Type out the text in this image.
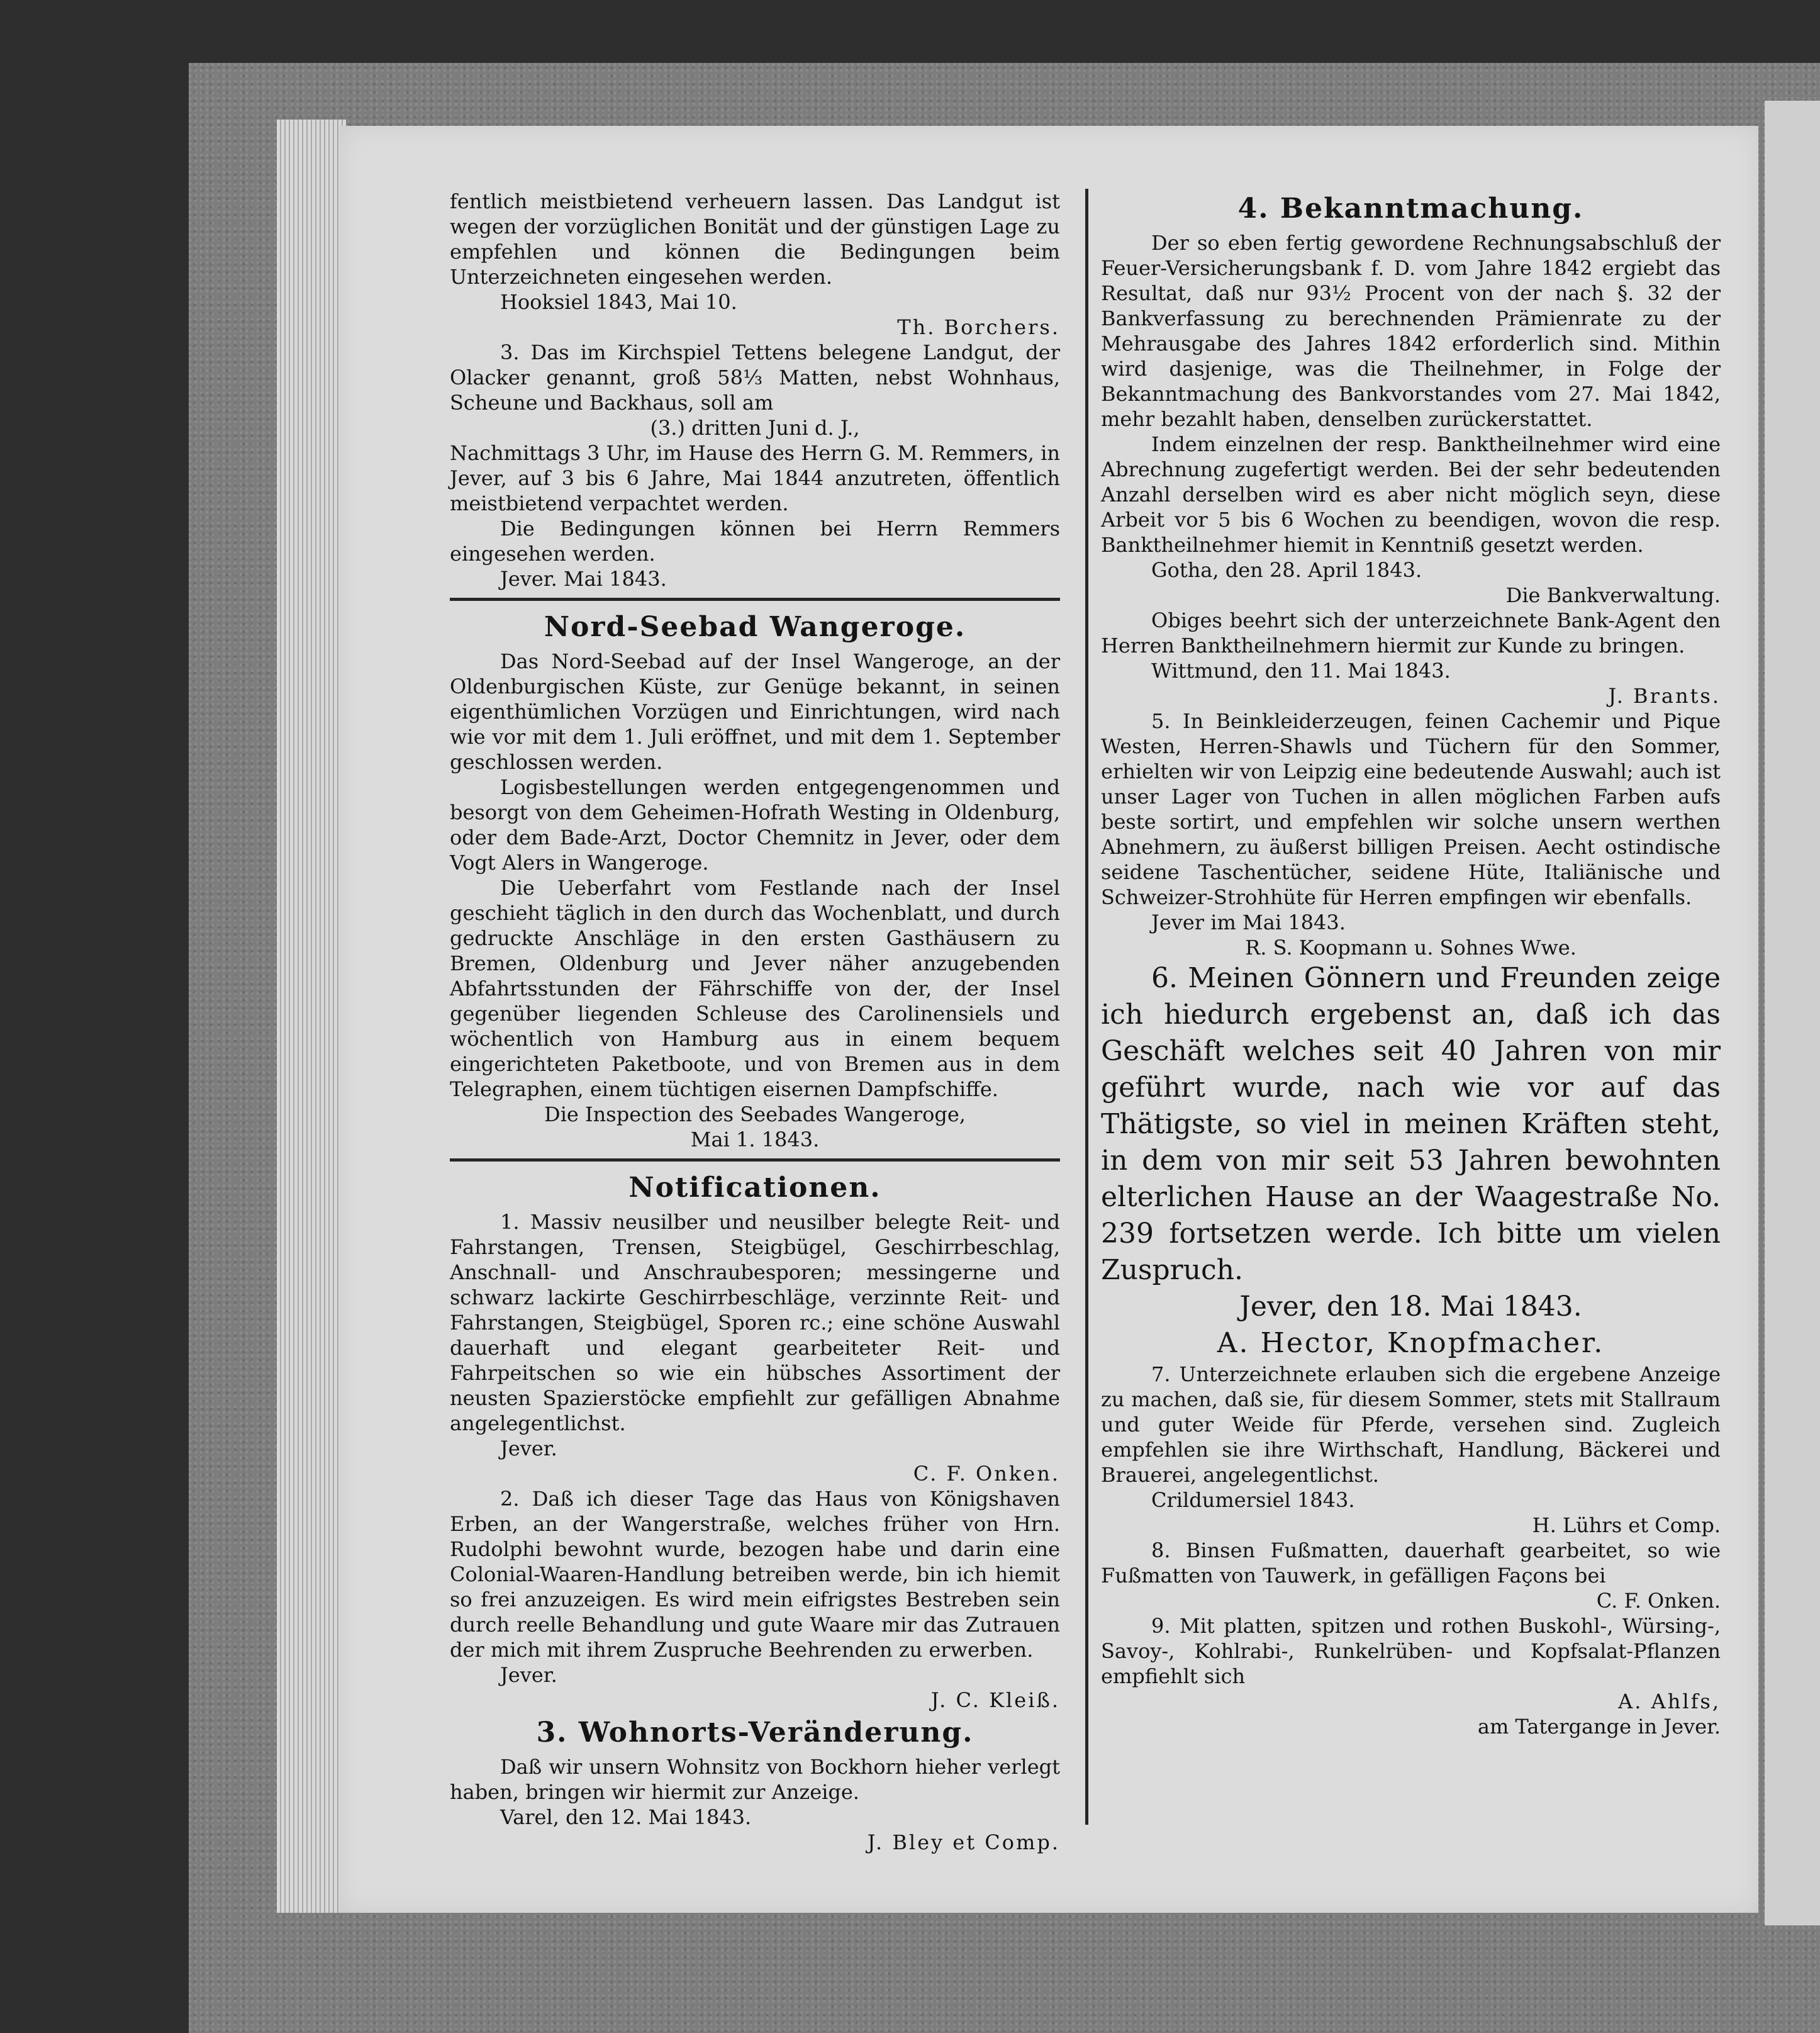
fentlich meistbietend verheuern lassen. Das Landgut ist wegen der vorzüglichen Bonität und der günstigen Lage zu empfehlen und können die Bedingungen beim Unterzeichneten eingesehen werden.

Hooksiel 1843, Mai 10.

Th. Borchers.

3. Das im Kirchspiel Tettens belegene Landgut, der Olacker genannt, groß 58⅓ Matten, nebst Wohnhaus, Scheune und Backhaus, soll am

(3.) dritten Juni d. J.,

Nachmittags 3 Uhr, im Hause des Herrn G. M. Remmers, in Jever, auf 3 bis 6 Jahre, Mai 1844 anzutreten, öffentlich meistbietend verpachtet werden.

Die Bedingungen können bei Herrn Remmers eingesehen werden.

Jever. Mai 1843.

Nord-Seebad Wangeroge.

Das Nord-Seebad auf der Insel Wangeroge, an der Oldenburgischen Küste, zur Genüge bekannt, in seinen eigenthümlichen Vorzügen und Einrichtungen, wird nach wie vor mit dem 1. Juli eröffnet, und mit dem 1. September geschlossen werden.

Logisbestellungen werden entgegengenommen und besorgt von dem Geheimen-Hofrath Westing in Oldenburg, oder dem Bade-Arzt, Doctor Chemnitz in Jever, oder dem Vogt Alers in Wangeroge.

Die Ueberfahrt vom Festlande nach der Insel geschieht täglich in den durch das Wochenblatt, und durch gedruckte Anschläge in den ersten Gasthäusern zu Bremen, Oldenburg und Jever näher anzugebenden Abfahrtsstunden der Fährschiffe von der, der Insel gegenüber liegenden Schleuse des Carolinensiels und wöchentlich von Hamburg aus in einem bequem eingerichteten Paketboote, und von Bremen aus in dem Telegraphen, einem tüchtigen eisernen Dampfschiffe.

Die Inspection des Seebades Wangeroge,

Mai 1. 1843.

Notificationen.

1. Massiv neusilber und neusilber belegte Reit- und Fahrstangen, Trensen, Steigbügel, Geschirrbeschlag, Anschnall- und Anschraubesporen; messingerne und schwarz lackirte Geschirrbeschläge, verzinnte Reit- und Fahrstangen, Steigbügel, Sporen rc.; eine schöne Auswahl dauerhaft und elegant gearbeiteter Reit- und Fahrpeitschen so wie ein hübsches Assortiment der neusten Spazierstöcke empfiehlt zur gefälligen Abnahme angelegentlichst.

Jever.

C. F. Onken.

2. Daß ich dieser Tage das Haus von Königshaven Erben, an der Wangerstraße, welches früher von Hrn. Rudolphi bewohnt wurde, bezogen habe und darin eine Colonial-Waaren-Handlung betreiben werde, bin ich hiemit so frei anzuzeigen. Es wird mein eifrigstes Bestreben sein durch reelle Behandlung und gute Waare mir das Zutrauen der mich mit ihrem Zuspruche Beehrenden zu erwerben.

Jever.

J. C. Kleiß.

3. Wohnorts-Veränderung.

Daß wir unsern Wohnsitz von Bockhorn hieher verlegt haben, bringen wir hiermit zur Anzeige.

Varel, den 12. Mai 1843.

J. Bley et Comp.

4. Bekanntmachung.

Der so eben fertig gewordene Rechnungsabschluß der Feuer-Versicherungsbank f. D. vom Jahre 1842 ergiebt das Resultat, daß nur 93½ Procent von der nach §. 32 der Bankverfassung zu berechnenden Prämienrate zu der Mehrausgabe des Jahres 1842 erforderlich sind. Mithin wird dasjenige, was die Theilnehmer, in Folge der Bekanntmachung des Bankvorstandes vom 27. Mai 1842, mehr bezahlt haben, denselben zurückerstattet.

Indem einzelnen der resp. Banktheilnehmer wird eine Abrechnung zugefertigt werden. Bei der sehr bedeutenden Anzahl derselben wird es aber nicht möglich seyn, diese Arbeit vor 5 bis 6 Wochen zu beendigen, wovon die resp. Banktheilnehmer hiemit in Kenntniß gesetzt werden.

Gotha, den 28. April 1843.

Die Bankverwaltung.

Obiges beehrt sich der unterzeichnete Bank-Agent den Herren Banktheilnehmern hiermit zur Kunde zu bringen.

Wittmund, den 11. Mai 1843.

J. Brants.

5. In Beinkleiderzeugen, feinen Cachemir und Pique Westen, Herren-Shawls und Tüchern für den Sommer, erhielten wir von Leipzig eine bedeutende Auswahl; auch ist unser Lager von Tuchen in allen möglichen Farben aufs beste sortirt, und empfehlen wir solche unsern werthen Abnehmern, zu äußerst billigen Preisen. Aecht ostindische seidene Taschentücher, seidene Hüte, Italiänische und Schweizer-Strohhüte für Herren empfingen wir ebenfalls.

Jever im Mai 1843.

R. S. Koopmann u. Sohnes Wwe.

6. Meinen Gönnern und Freunden zeige ich hiedurch ergebenst an, daß ich das Geschäft welches seit 40 Jahren von mir geführt wurde, nach wie vor auf das Thätigste, so viel in meinen Kräften steht, in dem von mir seit 53 Jahren bewohnten elterlichen Hause an der Waagestraße No. 239 fortsetzen werde. Ich bitte um vielen Zuspruch.

Jever, den 18. Mai 1843.

A. Hector, Knopfmacher.

7. Unterzeichnete erlauben sich die ergebene Anzeige zu machen, daß sie, für diesem Sommer, stets mit Stallraum und guter Weide für Pferde, versehen sind. Zugleich empfehlen sie ihre Wirthschaft, Handlung, Bäckerei und Brauerei, angelegentlichst.

Crildumersiel 1843.

H. Lührs et Comp.

8. Binsen Fußmatten, dauerhaft gearbeitet, so wie Fußmatten von Tauwerk, in gefälligen Façons bei

C. F. Onken.

9. Mit platten, spitzen und rothen Buskohl-, Würsing-, Savoy-, Kohlrabi-, Runkelrüben- und Kopfsalat-Pflanzen empfiehlt sich

A. Ahlfs,

am Tatergange in Jever.
